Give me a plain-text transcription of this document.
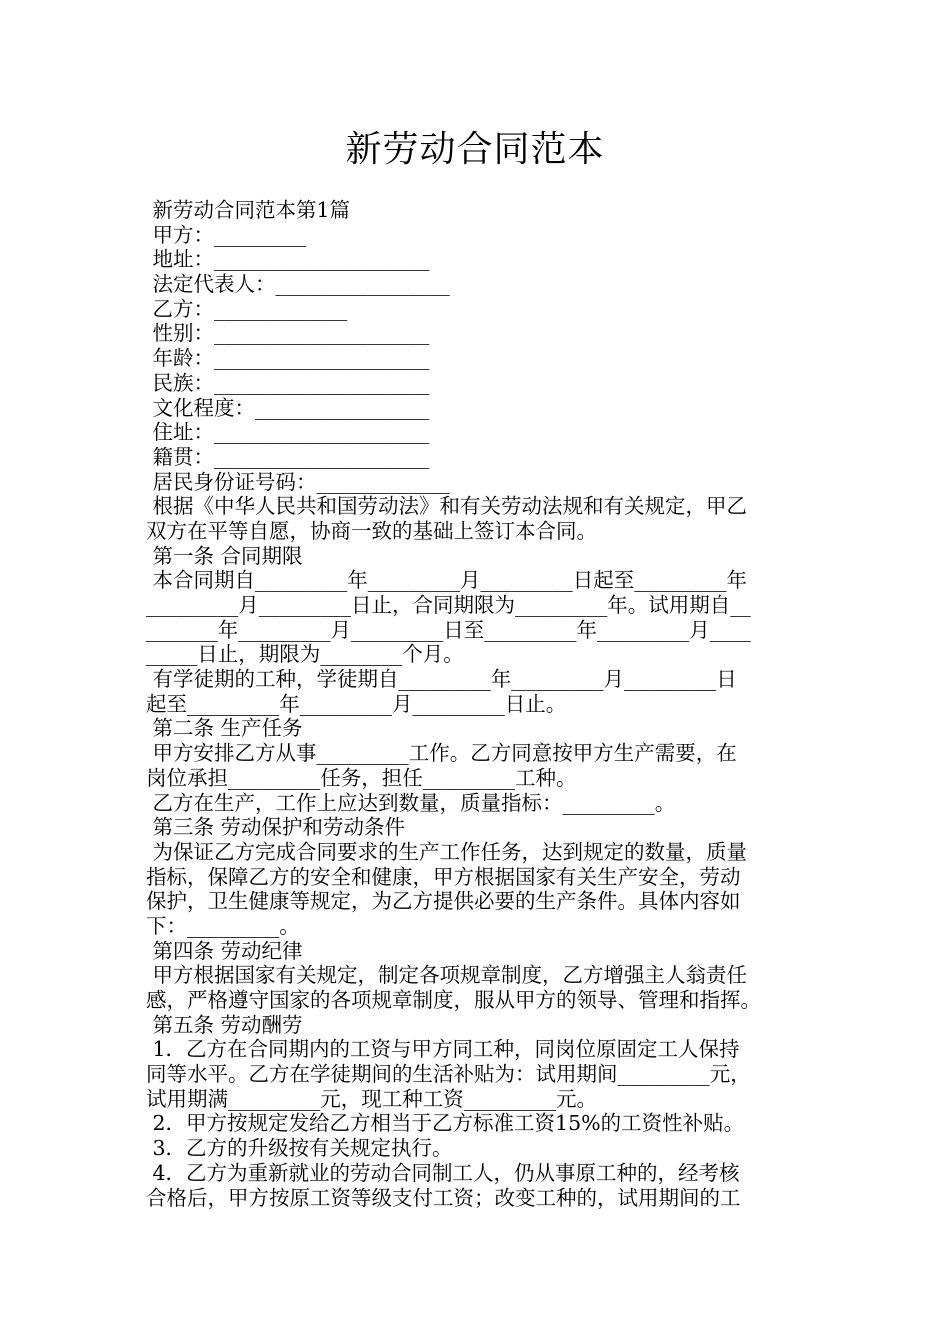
新劳动合同范本
新劳动合同范本第1篇
甲方：_________
地址：_____________________
法定代表人：_________________
乙方：_____________
性别：_____________________
年龄：_____________________
民族：_____________________
文化程度：_________________
住址：_____________________
籍贯：_____________________
居民身份证号码：_____________
根据《中华人民共和国劳动法》和有关劳动法规和有关规定，甲乙
双方在平等自愿，协商一致的基础上签订本合同。
第一条 合同期限
本合同期自_________年_________月_________日起至_________年
_________月_________日止，合同期限为_________年。试用期自__
_______年_________月_________日至_________年_________月____
_____日止，期限为________个月。
有学徒期的工种，学徒期自_________年_________月_________日
起至_________年_________月_________日止。
第二条 生产任务
甲方安排乙方从事_________工作。乙方同意按甲方生产需要，在
岗位承担_________任务，担任_________工种。
乙方在生产，工作上应达到数量，质量指标：_________。
第三条 劳动保护和劳动条件
为保证乙方完成合同要求的生产工作任务，达到规定的数量，质量
指标，保障乙方的安全和健康，甲方根据国家有关生产安全，劳动
保护，卫生健康等规定，为乙方提供必要的生产条件。具体内容如
下：_________。
第四条 劳动纪律
甲方根据国家有关规定，制定各项规章制度，乙方增强主人翁责任
感，严格遵守国家的各项规章制度，服从甲方的领导、管理和指挥。
第五条 劳动酬劳
1．乙方在合同期内的工资与甲方同工种，同岗位原固定工人保持
同等水平。乙方在学徒期间的生活补贴为：试用期间_________元，
试用期满_________元，现工种工资_________元。
2．甲方按规定发给乙方相当于乙方标准工资15%的工资性补贴。
3．乙方的升级按有关规定执行。
4．乙方为重新就业的劳动合同制工人，仍从事原工种的，经考核
合格后，甲方按原工资等级支付工资；改变工种的，试用期间的工
